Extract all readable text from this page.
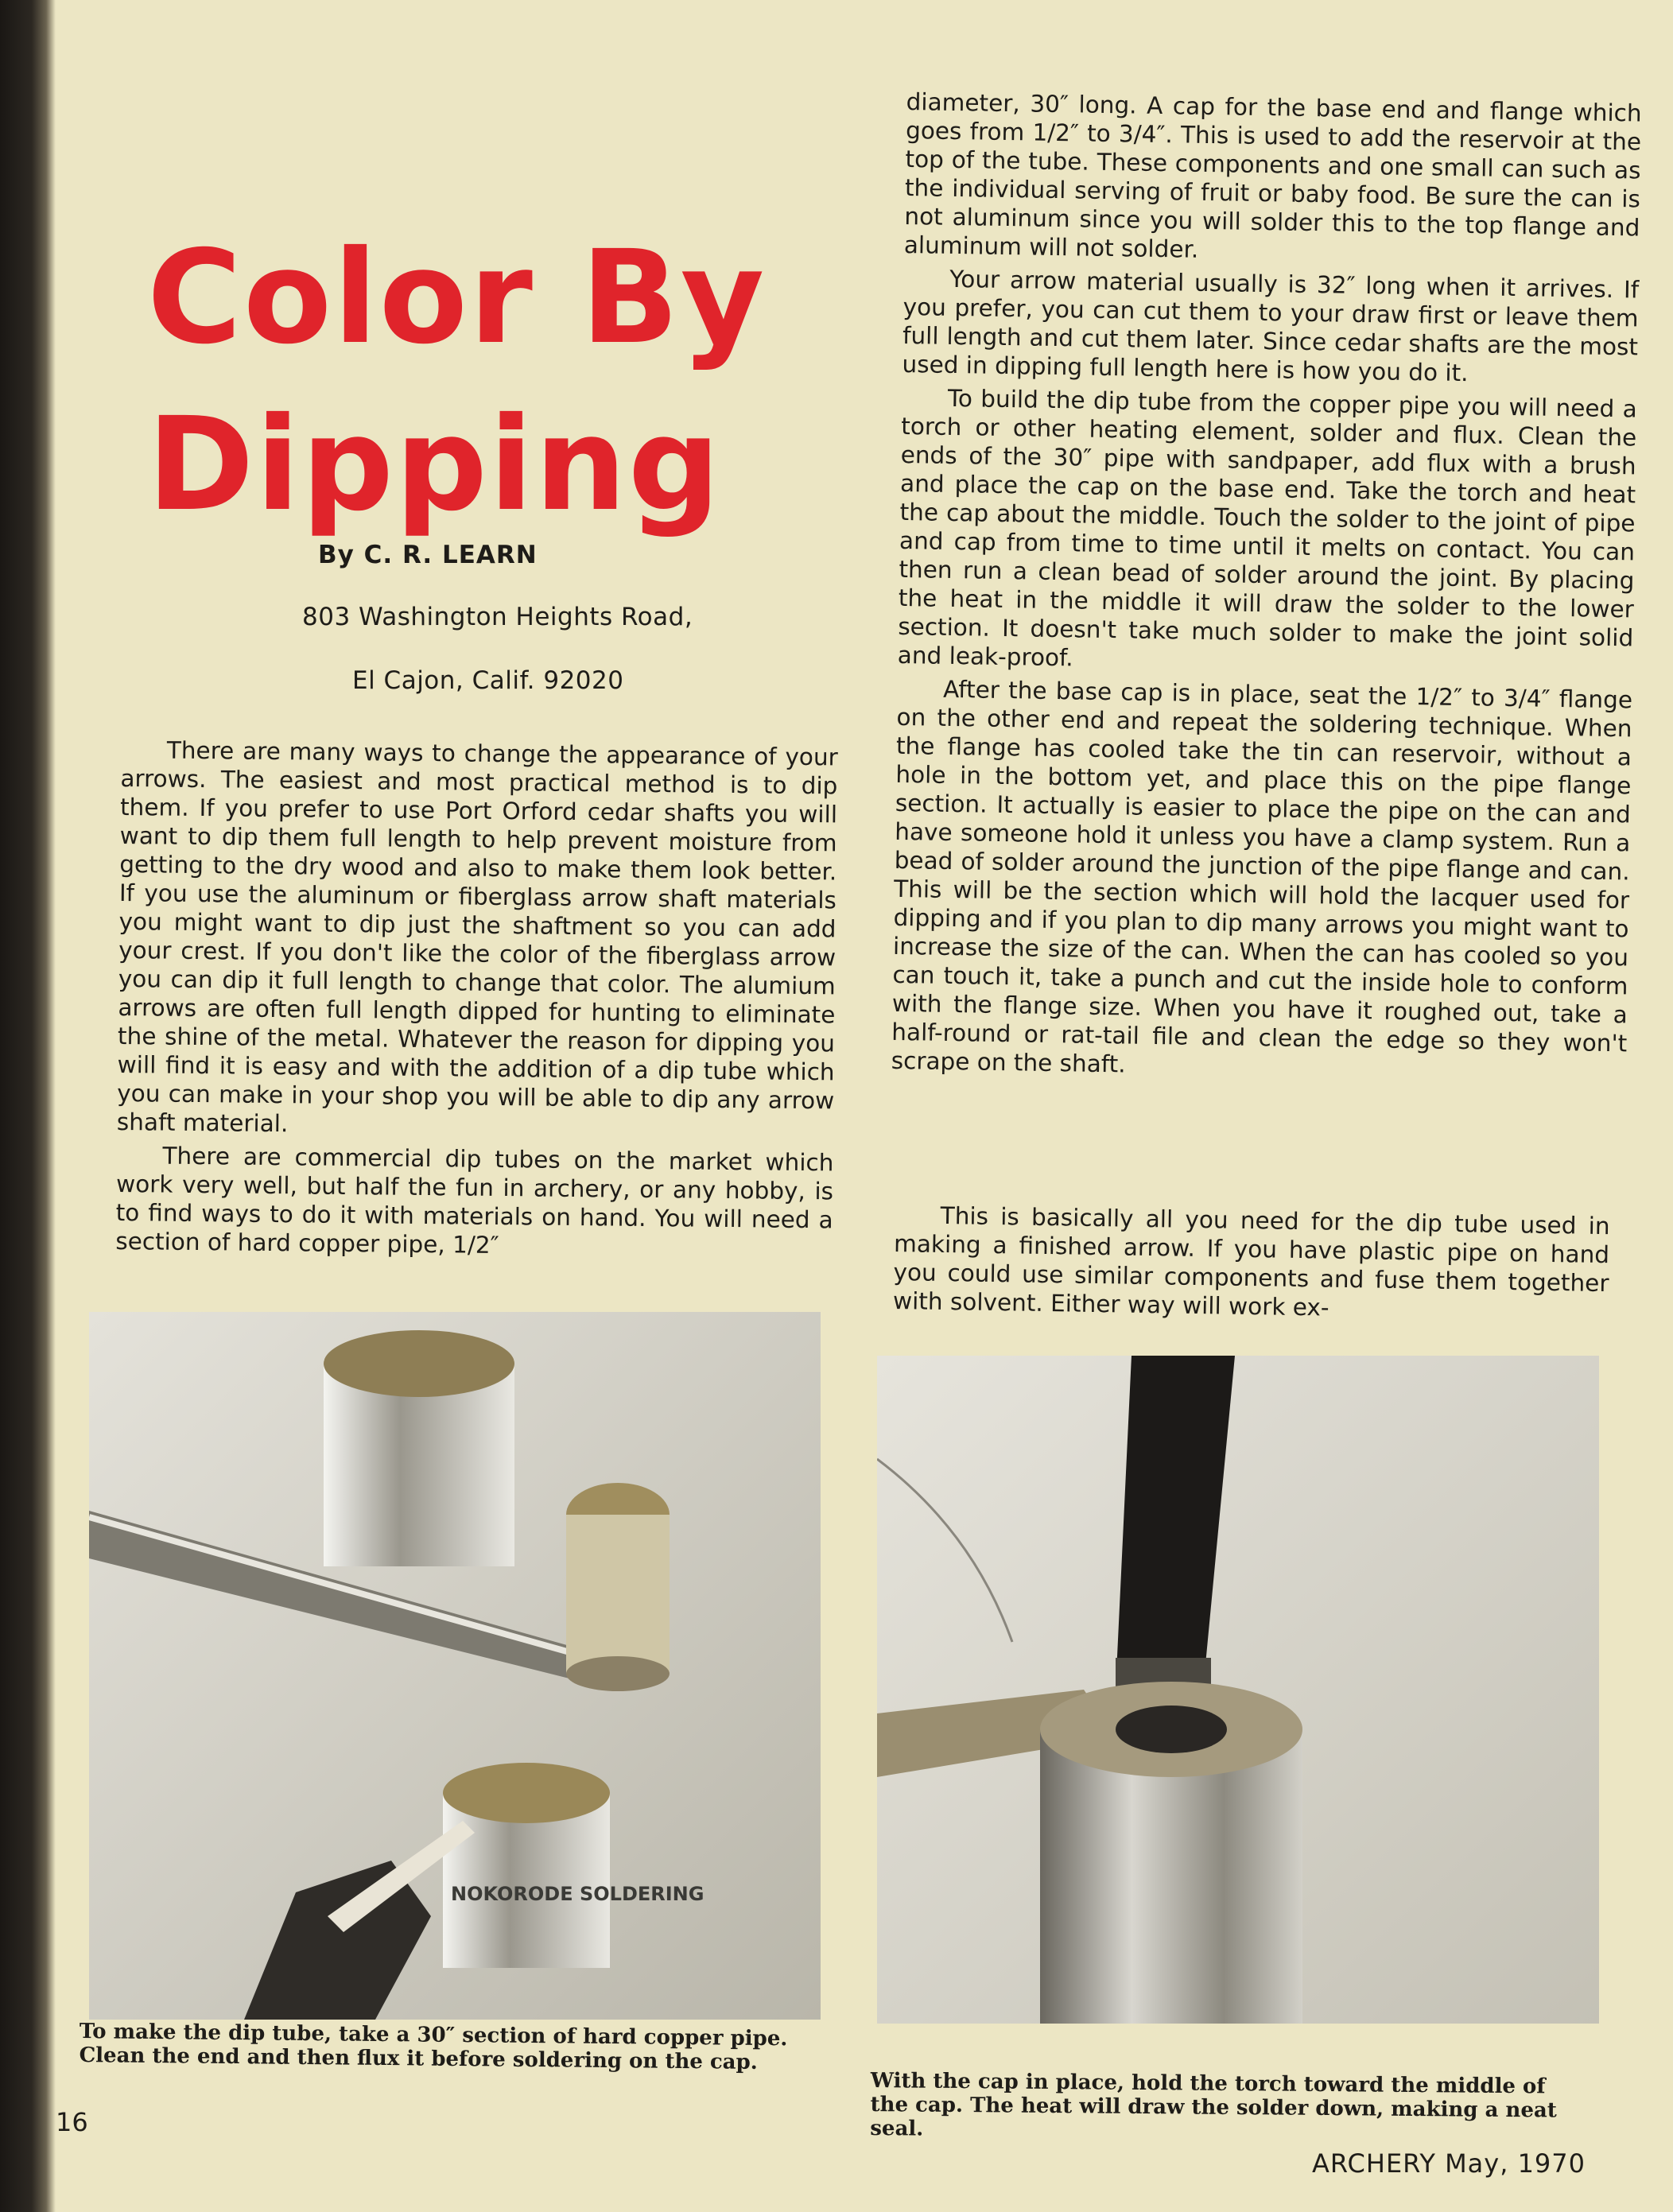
Color By
Dipping
By C. R. LEARN
803 Washington Heights Road,
El Cajon, Calif. 92020

There are many ways to change the appearance of your arrows. The easiest and most practical method is to dip them. If you prefer to use Port Orford cedar shafts you will want to dip them full length to help prevent moisture from getting to the dry wood and also to make them look better. If you use the aluminum or fiberglass arrow shaft materials you might want to dip just the shaftment so you can add your crest. If you don't like the color of the fiberglass arrow you can dip it full length to change that color. The alumium arrows are often full length dipped for hunting to eliminate the shine of the metal. Whatever the reason for dipping you will find it is easy and with the addition of a dip tube which you can make in your shop you will be able to dip any arrow shaft material.

There are commercial dip tubes on the market which work very well, but half the fun in archery, or any hobby, is to find ways to do it with materials on hand. You will need a section of hard copper pipe, 1/2″

diameter, 30″ long. A cap for the base end and flange which goes from 1/2″ to 3/4″. This is used to add the reservoir at the top of the tube. These components and one small can such as the individual serving of fruit or baby food. Be sure the can is not aluminum since you will solder this to the top flange and aluminum will not solder.

Your arrow material usually is 32″ long when it arrives. If you prefer, you can cut them to your draw first or leave them full length and cut them later. Since cedar shafts are the most used in dipping full length here is how you do it.

To build the dip tube from the copper pipe you will need a torch or other heating element, solder and flux. Clean the ends of the 30″ pipe with sandpaper, add flux with a brush and place the cap on the base end. Take the torch and heat the cap about the middle. Touch the solder to the joint of pipe and cap from time to time until it melts on contact. You can then run a clean bead of solder around the joint. By placing the heat in the middle it will draw the solder to the lower section. It doesn't take much solder to make the joint solid and leak-proof.

After the base cap is in place, seat the 1/2″ to 3/4″ flange on the other end and repeat the soldering technique. When the flange has cooled take the tin can reservoir, without a hole in the bottom yet, and place this on the pipe flange section. It actually is easier to place the pipe on the can and have someone hold it unless you have a clamp system. Run a bead of solder around the junction of the pipe flange and can. This will be the section which will hold the lacquer used for dipping and if you plan to dip many arrows you might want to increase the size of the can. When the can has cooled so you can touch it, take a punch and cut the inside hole to conform with the flange size. When you have it roughed out, take a half-round or rat-tail file and clean the edge so they won't scrape on the shaft.

This is basically all you need for the dip tube used in making a finished arrow. If you have plastic pipe on hand you could use similar components and fuse them together with solvent. Either way will work ex-

NOKORODE SOLDERING
To make the dip tube, take a 30″ section of hard copper pipe. Clean the end and then flux it before soldering on the cap.
With the cap in place, hold the torch toward the middle of the cap. The heat will draw the solder down, making a neat seal.
16
ARCHERY May, 1970
